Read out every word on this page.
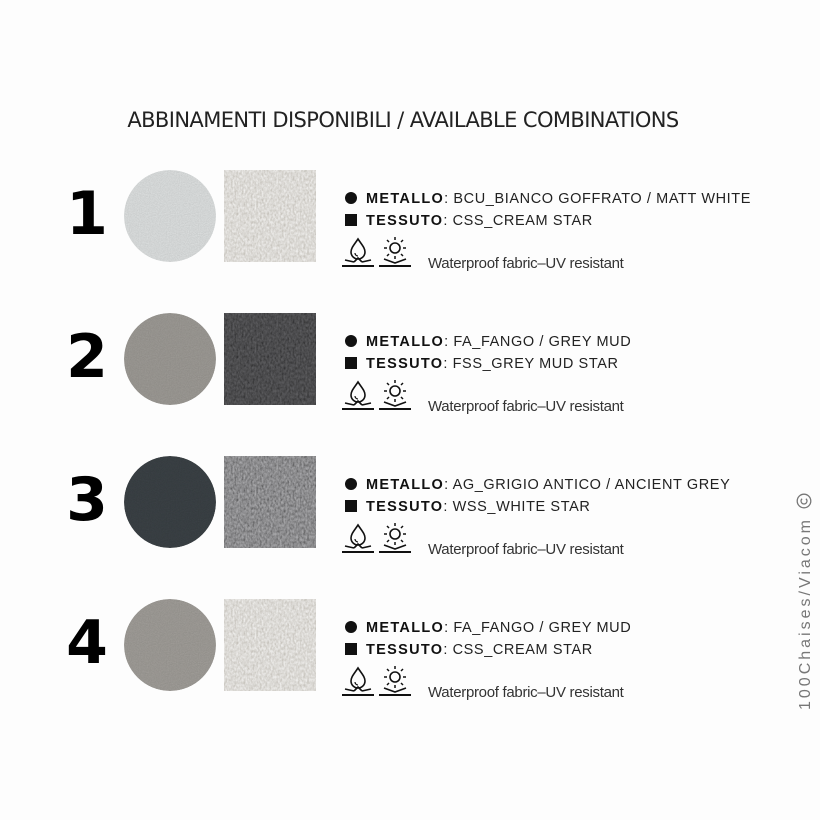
ABBINAMENTI DISPONIBILI / AVAILABLE COMBINATIONS
1	METALLO: BCU_BIANCO GOFFRATO / MATT WHITE
TESSUTO: CSS_CREAM STAR
Waterproof fabric–UV resistant
2	METALLO: FA_FANGO / GREY MUD
TESSUTO: FSS_GREY MUD STAR
Waterproof fabric–UV resistant
3	METALLO: AG_GRIGIO ANTICO / ANCIENT GREY
TESSUTO: WSS_WHITE STAR
Waterproof fabric–UV resistant
4	METALLO: FA_FANGO / GREY MUD
TESSUTO: CSS_CREAM STAR
Waterproof fabric–UV resistant	100Chaises/Viacom
